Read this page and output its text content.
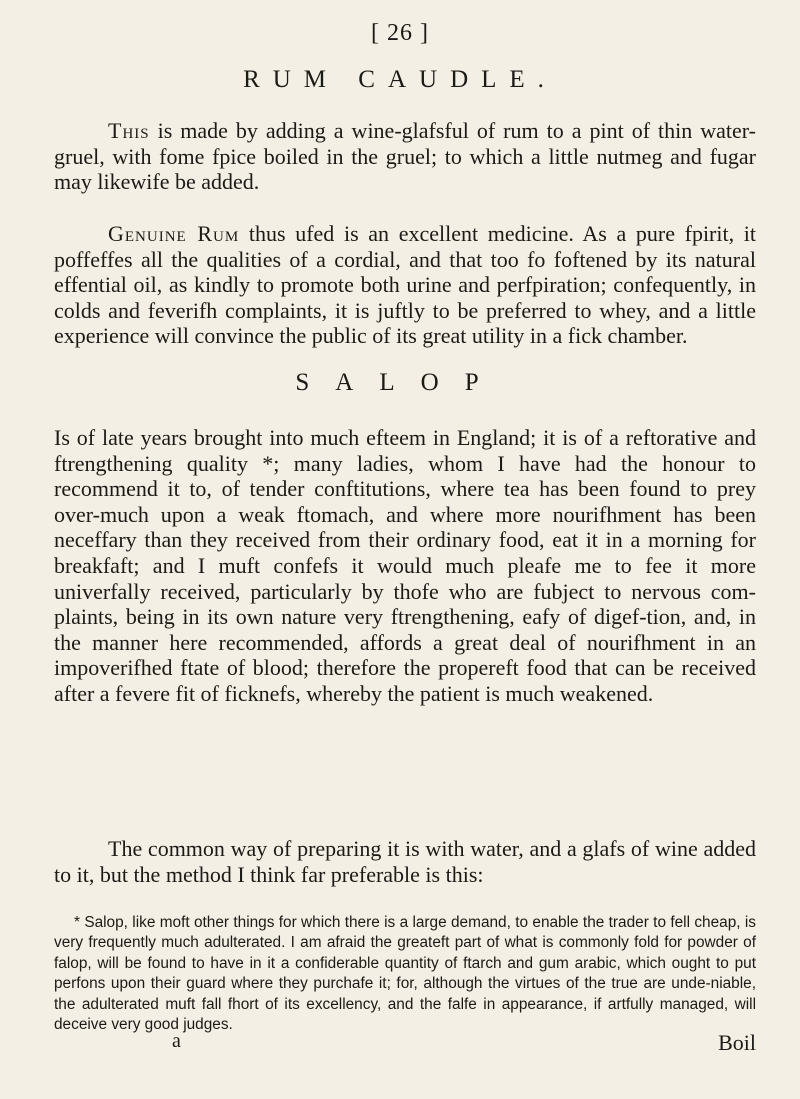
[ 26 ]
RUM CAUDLE.

This is made by adding a wine-glafsful of rum to a pint of thin water-gruel, with fome fpice boiled in the gruel; to which a little nutmeg and fugar may likewife be added.

Genuine Rum thus ufed is an excellent medicine. As a pure fpirit, it poffeffes all the qualities of a cordial, and that too fo foftened by its natural effential oil, as kindly to promote both urine and perfpiration; confequently, in colds and feverifh complaints, it is juftly to be preferred to whey, and a little experience will convince the public of its great utility in a fick chamber.

SALOP

Is of late years brought into much efteem in England; it is of a reftorative and ftrengthening quality *; many ladies, whom I have had the honour to recommend it to, of tender conftitutions, where tea has been found to prey over-much upon a weak ftomach, and where more nourifhment has been neceffary than they received from their ordinary food, eat it in a morning for breakfaft; and I muft confefs it would much pleafe me to fee it more univerfally received, particularly by thofe who are fubject to nervous com-plaints, being in its own nature very ftrengthening, eafy of digef-tion, and, in the manner here recommended, affords a great deal of nourifhment in an impoverifhed ftate of blood; therefore the propereft food that can be received after a fevere fit of ficknefs, whereby the patient is much weakened.

The common way of preparing it is with water, and a glafs of wine added to it, but the method I think far preferable is this:

* Salop, like moft other things for which there is a large demand, to enable the trader to fell cheap, is very frequently much adulterated. I am afraid the greateft part of what is commonly fold for powder of falop, will be found to have in it a confiderable quantity of ftarch and gum arabic, which ought to put perfons upon their guard where they purchafe it; for, although the virtues of the true are unde-niable, the adulterated muft fall fhort of its excellency, and the falfe in appearance, if artfully managed, will deceive very good judges.

a	Boil
